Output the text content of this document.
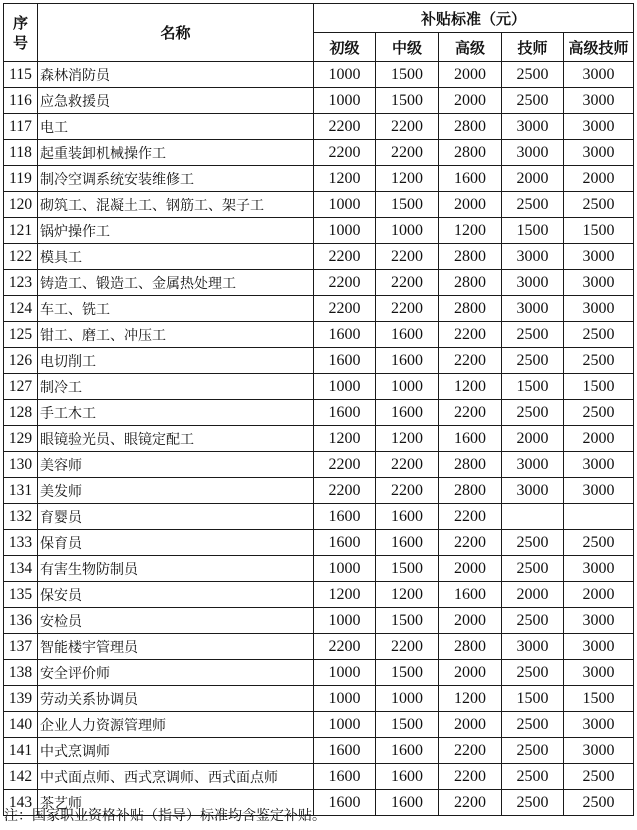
序
号	名称	补贴标准（元）				
		初级	中级	高级	技师	高级技师
115	森林消防员	1000	1500	2000	2500	3000
116	应急救援员	1000	1500	2000	2500	3000
117	电工	2200	2200	2800	3000	3000
118	起重装卸机械操作工	2200	2200	2800	3000	3000
119	制冷空调系统安装维修工	1200	1200	1600	2000	2000
120	砌筑工、混凝土工、钢筋工、架子工	1000	1500	2000	2500	2500
121	锅炉操作工	1000	1000	1200	1500	1500
122	模具工	2200	2200	2800	3000	3000
123	铸造工、锻造工、金属热处理工	2200	2200	2800	3000	3000
124	车工、铣工	2200	2200	2800	3000	3000
125	钳工、磨工、冲压工	1600	1600	2200	2500	2500
126	电切削工	1600	1600	2200	2500	2500
127	制冷工	1000	1000	1200	1500	1500
128	手工木工	1600	1600	2200	2500	2500
129	眼镜验光员、眼镜定配工	1200	1200	1600	2000	2000
130	美容师	2200	2200	2800	3000	3000
131	美发师	2200	2200	2800	3000	3000
132	育婴员	1600	1600	2200		
133	保育员	1600	1600	2200	2500	2500
134	有害生物防制员	1000	1500	2000	2500	3000
135	保安员	1200	1200	1600	2000	2000
136	安检员	1000	1500	2000	2500	3000
137	智能楼宇管理员	2200	2200	2800	3000	3000
138	安全评价师	1000	1500	2000	2500	3000
139	劳动关系协调员	1000	1000	1200	1500	1500
140	企业人力资源管理师	1000	1500	2000	2500	3000
141	中式烹调师	1600	1600	2200	2500	3000
142	中式面点师、西式烹调师、西式面点师	1600	1600	2200	2500	2500
143	茶艺师	1600	1600	2200	2500	2500
注：国家职业资格补贴（指导）标准均含鉴定补贴。
